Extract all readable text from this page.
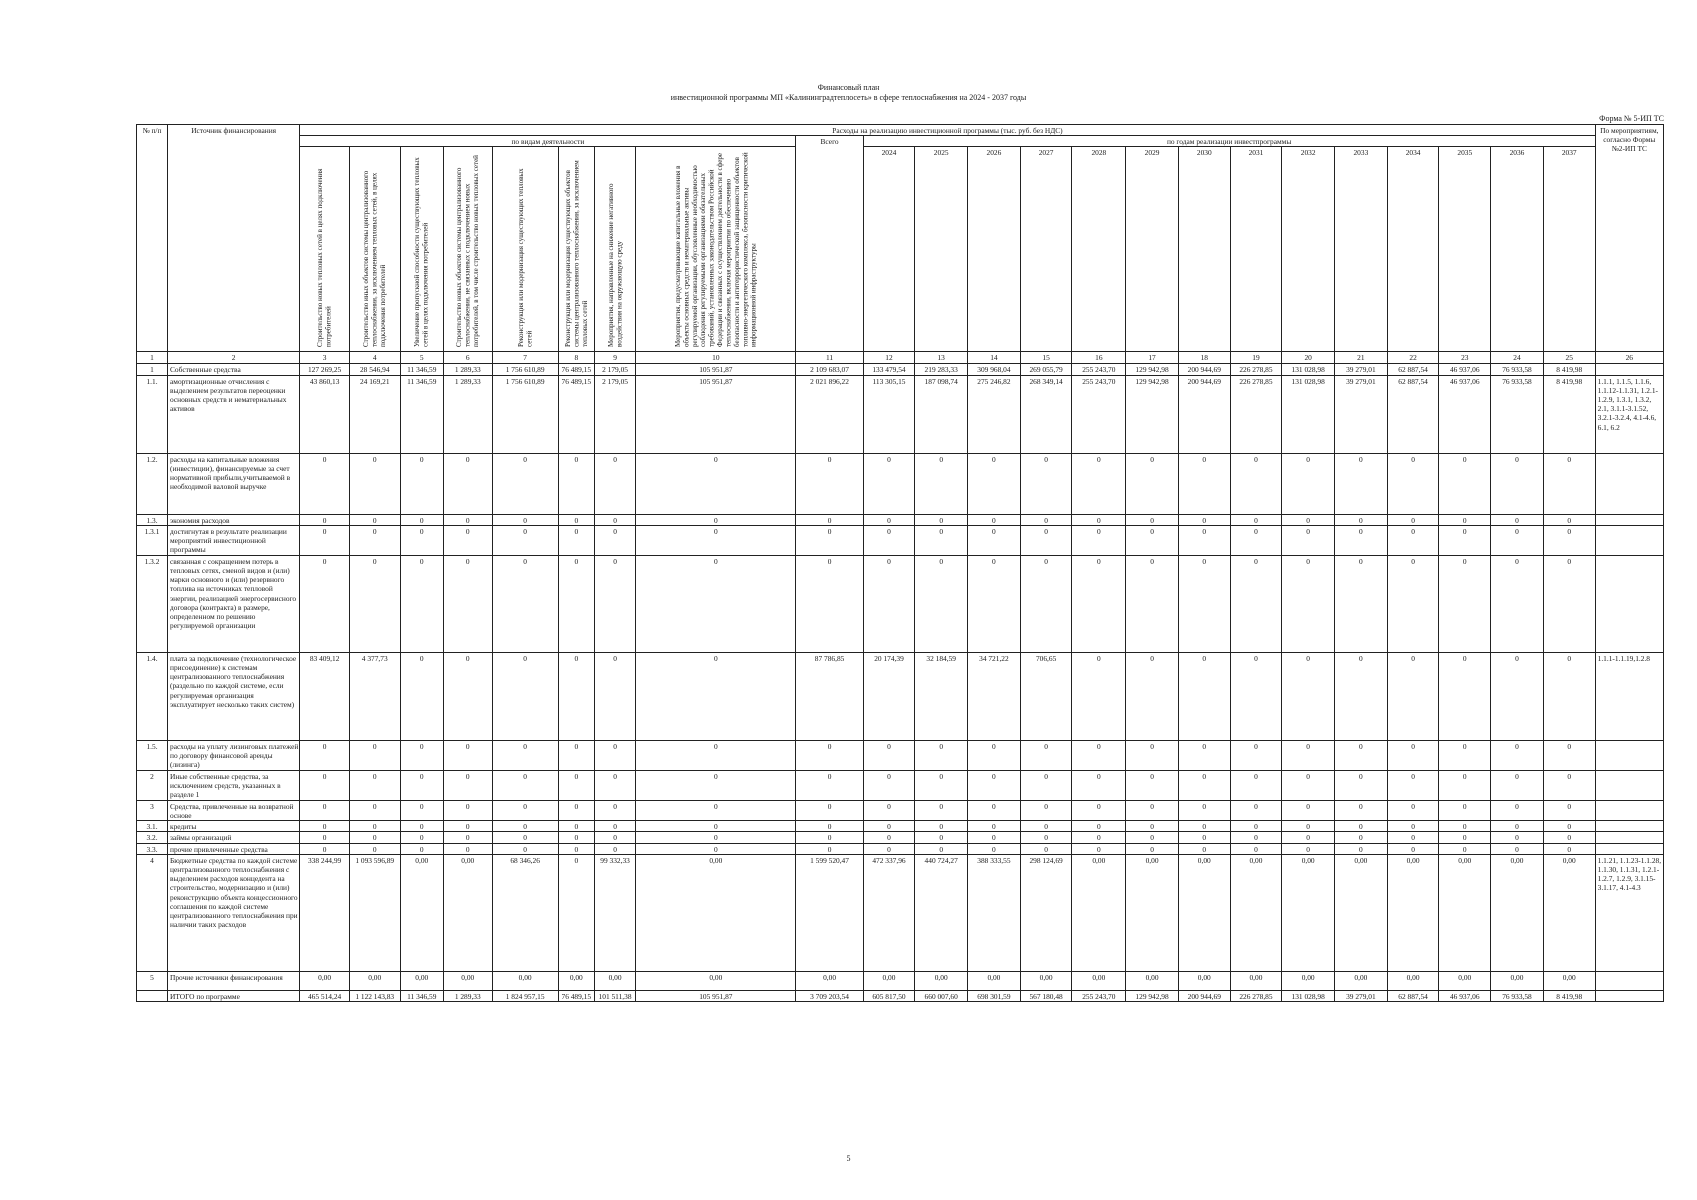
Финансовый план
инвестиционной программы МП «Калининградтеплосеть» в сфере теплоснабжения на 2024 - 2037 годы
Форма № 5-ИП ТС
№ п/п	Источник финансирования	Расходы на реализацию инвестиционной программы (тыс. руб. без НДС)																							По мероприятиям, согласно Формы №2-ИП ТС
		по видам деятельности								Всего	по годам реализации инвестпрограммы														
		Строительство новых тепловых сетей в целях подключения потребителей	Строительство иных объектов системы централизованного теплоснабжения, за исключением тепловых сетей, в целях подключения потребителей	Увеличение пропускной способности существующих тепловых сетей в целях подключения потребителей	Строительство новых объектов системы централизованного теплоснабжения, не связанных с подключением новых потребителей, в том числе строительство новых тепловых сетей	Реконструкция или модернизация существующих тепловых сетей	Реконструкция или модернизация существующих объектов системы централизованного теплоснабжения, за исключением тепловых сетей	Мероприятия, направленные на снижение негативного воздействия на окружающую среду	Мероприятия, предусматривающие капитальные вложения в объекты основных средств и нематериальные активы регулируемой организации, обусловленные необходимостью соблюдения регулируемыми организациями обязательных требований, установленных законодательством Российской Федерации и связанных с осуществлением деятельности в сфере теплоснабжения, включая мероприятия по обеспечению безопасности и антитеррористической защищенности объектов топливно-энергетического комплекса, безопасности критической информационной инфраструктуры		2024	2025	2026	2027	2028	2029	2030	2031	2032	2033	2034	2035	2036	2037	
1	2	3	4	5	6	7	8	9	10	11	12	13	14	15	16	17	18	19	20	21	22	23	24	25	26
1	Собственные средства	127 269,25	28 546,94	11 346,59	1 289,33	1 756 610,89	76 489,15	2 179,05	105 951,87	2 109 683,07	133 479,54	219 283,33	309 968,04	269 055,79	255 243,70	129 942,98	200 944,69	226 278,85	131 028,98	39 279,01	62 887,54	46 937,06	76 933,58	8 419,98	
1.1.	амортизационные отчисления с выделением результатов переоценки основных средств и нематериальных активов	43 860,13	24 169,21	11 346,59	1 289,33	1 756 610,89	76 489,15	2 179,05	105 951,87	2 021 896,22	113 305,15	187 098,74	275 246,82	268 349,14	255 243,70	129 942,98	200 944,69	226 278,85	131 028,98	39 279,01	62 887,54	46 937,06	76 933,58	8 419,98	1.1.1, 1.1.5, 1.1.6, 1.1.12-1.1.31, 1.2.1-1.2.9, 1.3.1, 1.3.2, 2.1, 3.1.1-3.1.52, 3.2.1-3.2.4, 4.1-4.6, 6.1, 6.2
1.2.	расходы на капитальные вложения (инвестиции), финансируемые за счет нормативной прибыли,учитываемой в необходимой валовой выручке	0	0	0	0	0	0	0	0	0	0	0	0	0	0	0	0	0	0	0	0	0	0	0	
1.3.	экономия расходов	0	0	0	0	0	0	0	0	0	0	0	0	0	0	0	0	0	0	0	0	0	0	0	
1.3.1	достигнутая в результате реализации мероприятий инвестиционной программы	0	0	0	0	0	0	0	0	0	0	0	0	0	0	0	0	0	0	0	0	0	0	0	
1.3.2	связанная с сокращением потерь в тепловых сетях, сменой видов и (или) марки основного и (или) резервного топлива на источниках тепловой энергии, реализацией энергосервисного договора (контракта) в размере, определенном по решению регулируемой организации	0	0	0	0	0	0	0	0	0	0	0	0	0	0	0	0	0	0	0	0	0	0	0	
1.4.	плата за подключение (технологическое присоединение) к системам централизованного теплоснабжения (раздельно по каждой системе, если регулируемая организация эксплуатирует несколько таких систем)	83 409,12	4 377,73	0	0	0	0	0	0	87 786,85	20 174,39	32 184,59	34 721,22	706,65	0	0	0	0	0	0	0	0	0	0	1.1.1-1.1.19,1.2.8
1.5.	расходы на уплату лизинговых платежей по договору финансовой аренды (лизинга)	0	0	0	0	0	0	0	0	0	0	0	0	0	0	0	0	0	0	0	0	0	0	0	
2	Иные собственные средства, за исключением средств, указанных в разделе 1	0	0	0	0	0	0	0	0	0	0	0	0	0	0	0	0	0	0	0	0	0	0	0	
3	Средства, привлеченные на возвратной основе	0	0	0	0	0	0	0	0	0	0	0	0	0	0	0	0	0	0	0	0	0	0	0	
3.1.	кредиты	0	0	0	0	0	0	0	0	0	0	0	0	0	0	0	0	0	0	0	0	0	0	0	
3.2.	займы организаций	0	0	0	0	0	0	0	0	0	0	0	0	0	0	0	0	0	0	0	0	0	0	0	
3.3.	прочие привлеченные средства	0	0	0	0	0	0	0	0	0	0	0	0	0	0	0	0	0	0	0	0	0	0	0	
4	Бюджетные средства по каждой системе централизованного теплоснабжения с выделением расходов концедента на строительство, модернизацию и (или) реконструкцию объекта концессионного соглашения по каждой системе централизованного теплоснабжения при наличии таких расходов	338 244,99	1 093 596,89	0,00	0,00	68 346,26	0	99 332,33	0,00	1 599 520,47	472 337,96	440 724,27	388 333,55	298 124,69	0,00	0,00	0,00	0,00	0,00	0,00	0,00	0,00	0,00	0,00	1.1.21, 1.1.23-1.1.28, 1.1.30, 1.1.31, 1.2.1-1.2.7, 1.2.9, 3.1.15-3.1.17, 4.1-4.3
5	Прочие источники финансирования	0,00	0,00	0,00	0,00	0,00	0,00	0,00	0,00	0,00	0,00	0,00	0,00	0,00	0,00	0,00	0,00	0,00	0,00	0,00	0,00	0,00	0,00	0,00	
	ИТОГО по программе	465 514,24	1 122 143,83	11 346,59	1 289,33	1 824 957,15	76 489,15	101 511,38	105 951,87	3 709 203,54	605 817,50	660 007,60	698 301,59	567 180,48	255 243,70	129 942,98	200 944,69	226 278,85	131 028,98	39 279,01	62 887,54	46 937,06	76 933,58	8 419,98	
5
